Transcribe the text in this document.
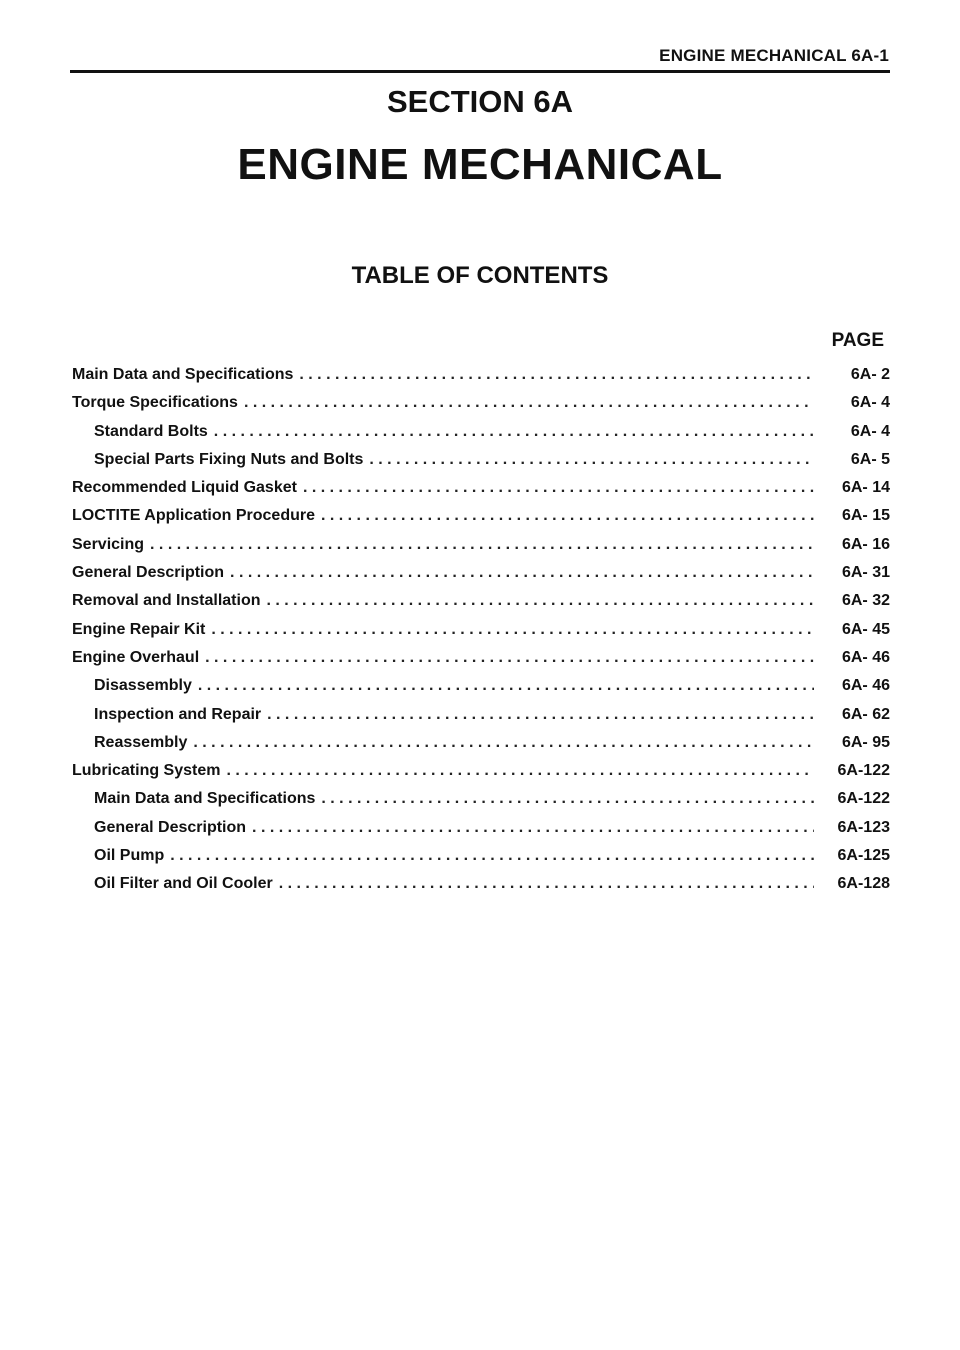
ENGINE MECHANICAL 6A-1
SECTION 6A
ENGINE MECHANICAL
TABLE OF CONTENTS
PAGE
Main Data and Specifications . . .	6A- 2
Torque Specifications . . .	6A- 4
Standard Bolts . . .	6A- 4
Special Parts Fixing Nuts and Bolts . . .	6A- 5
Recommended Liquid Gasket . . .	6A- 14
LOCTITE Application Procedure . . .	6A- 15
Servicing . . .	6A- 16
General Description . . .	6A- 31
Removal and Installation . . .	6A- 32
Engine Repair Kit . . .	6A- 45
Engine Overhaul . . .	6A- 46
Disassembly . . .	6A- 46
Inspection and Repair . . .	6A- 62
Reassembly . . .	6A- 95
Lubricating System . . .	6A-122
Main Data and Specifications . . .	6A-122
General Description . . .	6A-123
Oil Pump . . .	6A-125
Oil Filter and Oil Cooler . . .	6A-128
